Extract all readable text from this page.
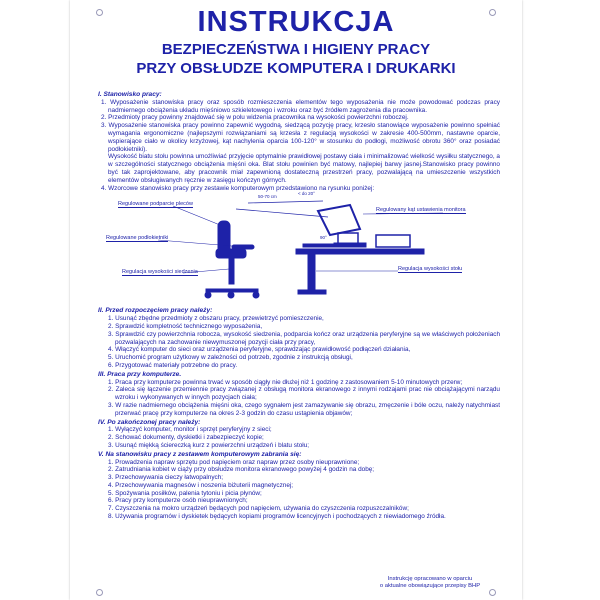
INSTRUKCJA
BEZPIECZEŃSTWA I HIGIENY PRACY
PRZY OBSŁUDZE KOMPUTERA I DRUKARKI
I. Stanowisko pracy:
1. Wyposażenie stanowiska pracy oraz sposób rozmieszczenia elementów tego wyposażenia nie może powodować podczas pracy nadmiernego obciążenia układu mięśniowo szkieletowego i wzroku oraz być źródłem zagrożenia dla pracownika.
2. Przedmioty pracy powinny znajdować się w polu widzenia pracownika na wysokości powierzchni roboczej.
3. Wyposażenie stanowiska pracy powinno zapewnić wygodną, siedzącą pozycję pracy, krzesło stanowiące wyposażenie powinno spełniać wymagania ergonomiczne (najlepszymi rozwiązaniami są krzesła z regulacją wysokości w zakresie 400-500mm, nastawne oparcie, wspierające ciało w okolicy krzyżowej, kąt nachylenia oparcia 100-120° w stosunku do podłogi, możliwość obrotu 360° oraz posiadać podłokietniki).
Wysokość biatu stołu powinna umożliwiać przyjęcie optymalnie prawidłowej postawy ciała i minimalizować wielkość wysiłku statycznego, a w szczególności statycznego obciążenia mięśni oka. Blat stołu powinien być matowy, najlepiej barwy jasnej.Stanowisko pracy powinno być tak zaprojektowane, aby pracownik miał zapewnioną dostateczną przestrzeń pracy, pozwalającą na umieszczenie wszystkich elementów obsługiwanych ręcznie w zasięgu kończyn górnych.
4. Wzorcowe stanowisko pracy przy zestawie komputerowym przedstawiono na rysunku poniżej:
Regulowane podparcie pleców
Regulowane podłokietniki
Regulacja wysokości siedzenia
Regulowany kąt ustawienia monitora
Regulacja wysokości stołu
50-70 cm
< do 20°
90°
II. Przed rozpoczęciem pracy należy:
1. Usunąć zbędne przedmioty z obszaru pracy, przewietrzyć pomieszczenie,
2. Sprawdzić kompletność technicznego wyposażenia,
3. Sprawdzić czy powierzchnia robocza, wysokość siedzenia, podparcia kończ oraz urządzenia peryferyjne są we właściwych położeniach pozwalających na zachowanie niewymuszonej pozycji ciała przy pracy,
4. Włączyć komputer do sieci oraz urządzenia peryferyjne, sprawdzając prawidłowość podłączeń działania,
5. Uruchomić program użytkowy w zależności od potrzeb, zgodnie z instrukcją obsługi,
6. Przygotować materiały potrzebne do pracy.
III. Praca przy komputerze.
1. Praca przy komputerze powinna trwać w sposób ciągły nie dłużej niż 1 godzinę z zastosowaniem 5-10 minutowych przerw;
2. Zaleca się łączenie przemiennie pracy związanej z obsługą monitora ekranowego z innymi rodzajami prac nie obciążającymi narządu wzroku i wykonywanych w innych pozycjach ciała;
3. W razie nadmiernego obciążenia mięśni oka, czego sygnałem jest zamazywanie się obrazu, zmęczenie i bóle oczu, należy natychmiast przerwać pracę przy komputerze na okres 2-3 godzin do czasu ustąpienia objawów;
IV. Po zakończonej pracy należy:
1. Wyłączyć komputer, monitor i sprzęt peryferyjny z sieci;
2. Schować dokumenty, dyskietki i zabezpieczyć kopie;
3. Usunąć miękką ściereczką kurz z powierzchni urządzeń i blatu stołu;
V. Na stanowisku pracy z zestawem komputerowym zabrania się:
1. Prowadzenia napraw sprzętu pod napięciem oraz napraw przez osoby nieuprawnione;
2. Zatrudniania kobiet w ciąży przy obsłudze monitora ekranowego powyżej 4 godzin na dobę;
3. Przechowywania cieczy łatwopalnych;
4. Przechowywania magnesów i noszenia biżuterii magnetycznej;
5. Spożywania posiłków, palenia tytoniu i picia płynów;
6. Pracy przy komputerze osób nieuprawnionych;
7. Czyszczenia na mokro urządzeń będących pod napięciem, używania do czyszczenia rozpuszczalników;
8. Używania programów i dyskietek będących kopiami programów licencyjnych i pochodzących z niewiadomego źródła.
Instrukcję opracowano w oparciu
o aktualne obowiązujące przepisy BHP
